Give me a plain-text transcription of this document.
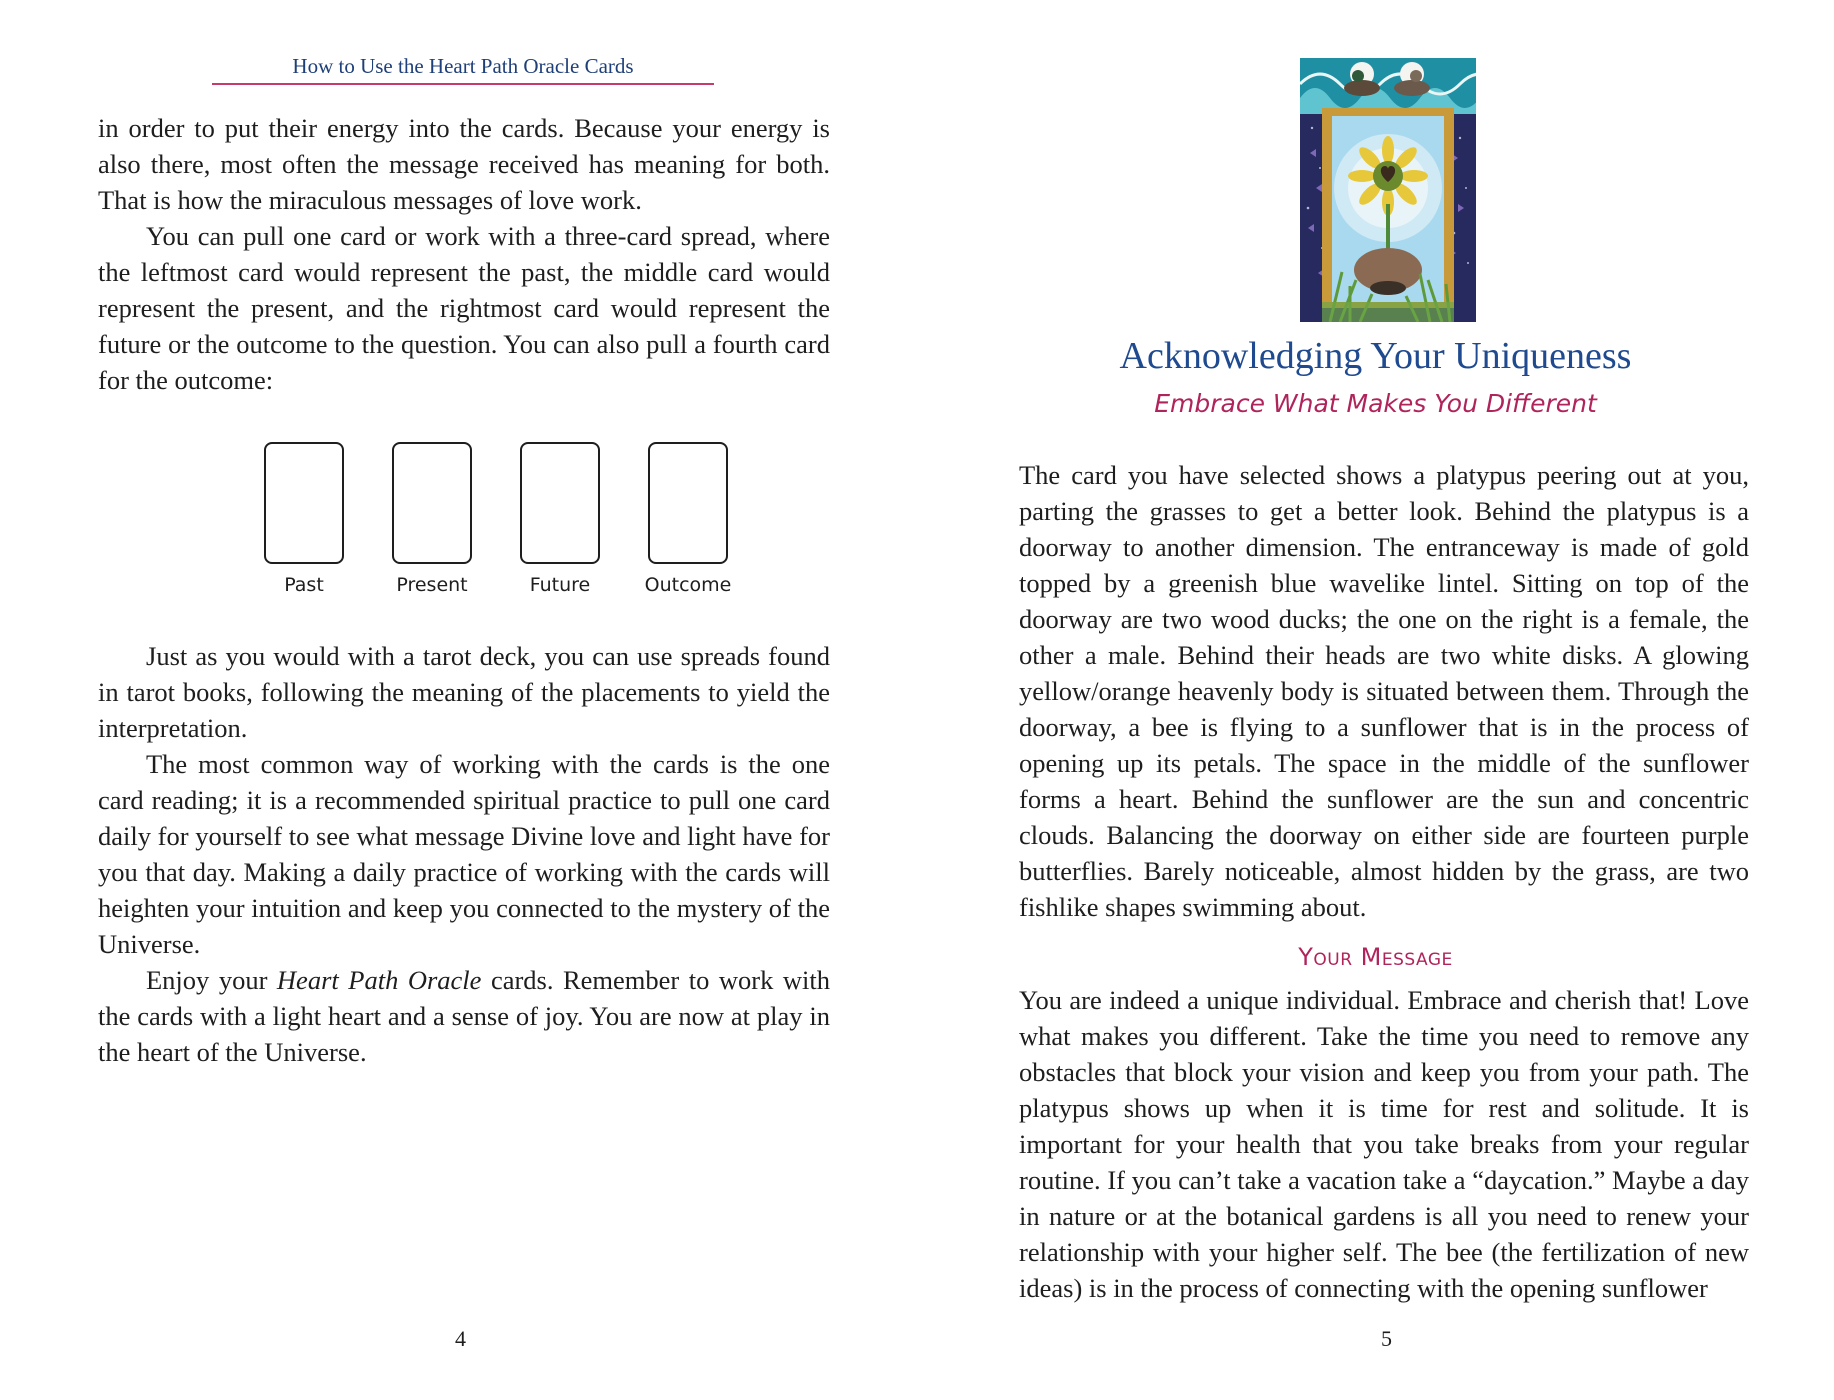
How to Use the Heart Path Oracle Cards

in order to put their energy into the cards. Because your energy is also there, most often the message received has meaning for both. That is how the miraculous messages of love work.

You can pull one card or work with a three-card spread, where the leftmost card would represent the past, the middle card would represent the present, and the rightmost card would represent the future or the outcome to the question. You can also pull a fourth card for the outcome:

Past	Present	Future	Outcome

Just as you would with a tarot deck, you can use spreads found in tarot books, following the meaning of the placements to yield the interpretation.

The most common way of working with the cards is the one card reading; it is a recommended spiritual practice to pull one card daily for yourself to see what message Divine love and light have for you that day. Making a daily practice of working with the cards will heighten your intuition and keep you connected to the mystery of the Universe.

Enjoy your Heart Path Oracle cards. Remember to work with the cards with a light heart and a sense of joy. You are now at play in the heart of the Universe.

4
Acknowledging Your Uniqueness
Embrace What Makes You Different

The card you have selected shows a platypus peering out at you, parting the grasses to get a better look. Behind the platypus is a doorway to another dimension. The entranceway is made of gold topped by a greenish blue wavelike lintel. Sitting on top of the doorway are two wood ducks; the one on the right is a female, the other a male. Behind their heads are two white disks. A glowing yellow/orange heavenly body is situated between them. Through the doorway, a bee is flying to a sunflower that is in the process of opening up its petals. The space in the middle of the sunflower forms a heart. Behind the sunflower are the sun and concentric clouds. Balancing the doorway on either side are fourteen purple butterflies. Barely noticeable, almost hidden by the grass, are two fishlike shapes swimming about.

Your Message

You are indeed a unique individual. Embrace and cherish that! Love what makes you different. Take the time you need to remove any obstacles that block your vision and keep you from your path. The platypus shows up when it is time for rest and solitude. It is important for your health that you take breaks from your regular routine. If you can’t take a vacation take a “daycation.” Maybe a day in nature or at the botanical gardens is all you need to renew your relationship with your higher self. The bee (the fertilization of new ideas) is in the process of connecting with the opening sunflower

5
